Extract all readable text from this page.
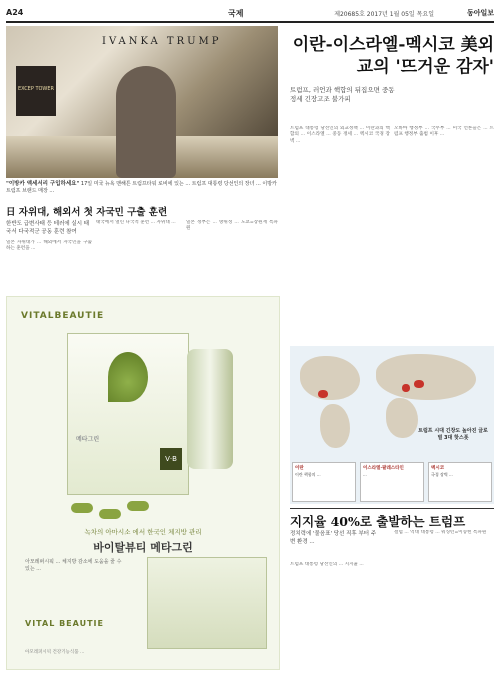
A24	국제	제20685호 2017년 1월 05일 목요일	동아일보
IVANKA TRUMP
EXCEP TOWER
"이방카 액세서리 구입하세요" 17일 미국 뉴욕 맨해튼 트럼프타워 로비에 있는 ... 트럼프 대통령 당선인의 장녀 ... 이방카 트럼프 브랜드 매장 ...
이란-이스라엘-멕시코 美외교의 '뜨거운 감자'
트럼프, 러언과 핵합의 뒤집으면 중동 정세 긴장고조 불가피
트럼프 대통령 당선인의 외교정책 ... 이란과의 핵합의 ... 이스라엘 ... 중동 정세 ... 멕시코 국경 장벽 ...
오바마 행정부 ... 국무부 ... 미국 언론들은 ... 트럼프 행정부 출범 이후 ...
日 자위대, 해외서 첫 자국민 구출 훈련
한반도 급변사태 등 테러에 실시 태국서 다국적군 공동 훈련 참여
일본 자위대가 ... 해외에서 자국민을 구출하는 훈련을 ...
태국에서 열린 다국적 훈련 ... 자위대 ...	일본 정부는 ... 방위성 ... 도쿄=장원재 특파원
VITALBEAUTIE
메타그린
V·B
녹차의 아마시소 에서 한국인 체지방 관리
바이탈뷰티 메타그린
아모레퍼시픽 ... 체지방 감소에 도움을 줄 수 있는 ...
VITAL BEAUTIE
아모레퍼시픽 건강기능식품 ...
트럼프 시대 긴장도 높아진 글로벌 3대 핫스폿
이란
이란 핵합의 ...
이스라엘·팔레스타인
...
멕시코
국경 장벽 ...
지지율 40%로 출발하는 트럼프
정치력에 '물음표' 당선 직후 부터 주변 환경 ...
트럼프 대통령 당선인의 ... 지지율 ...
갤럽 ... 역대 대통령 ... 워싱턴=이승헌 특파원
